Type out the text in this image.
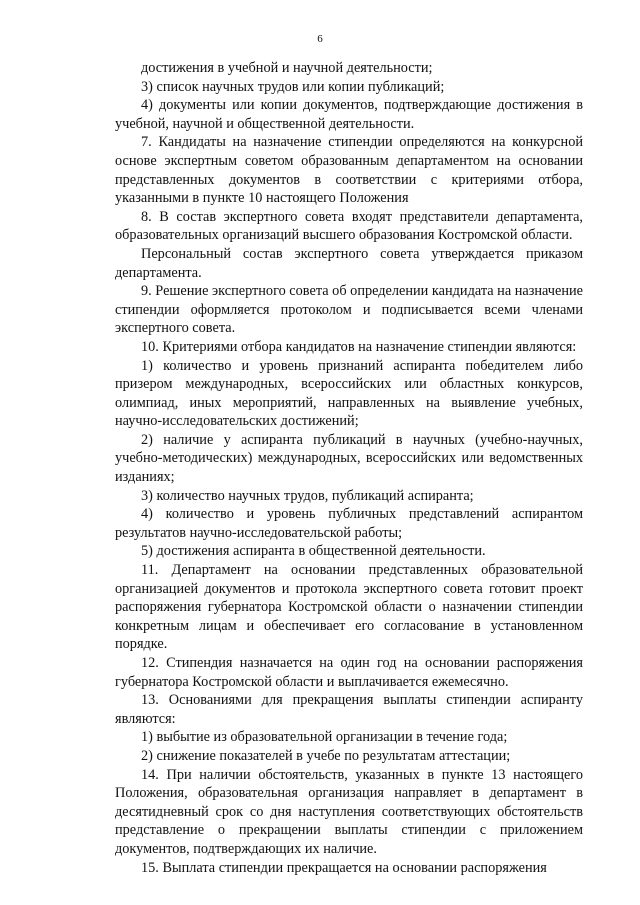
6

достижения в учебной и научной деятельности;

3) список научных трудов или копии публикаций;

4) документы или копии документов, подтверждающие достижения в учебной, научной и общественной деятельности.

7. Кандидаты на назначение стипендии определяются на конкурсной основе экспертным советом образованным департаментом на основании представленных документов в соответствии с критериями отбора, указанными в пункте 10 настоящего Положения

8. В состав экспертного совета входят представители департамента, образовательных организаций высшего образования Костромской области.

Персональный состав экспертного совета утверждается приказом департамента.

9. Решение экспертного совета об определении кандидата на назначение стипендии оформляется протоколом и подписывается всеми членами экспертного совета.

10. Критериями отбора кандидатов на назначение стипендии являются:

1) количество и уровень признаний аспиранта победителем либо призером международных, всероссийских или областных конкурсов, олимпиад, иных мероприятий, направленных на выявление учебных, научно-исследовательских достижений;

2) наличие у аспиранта публикаций в научных (учебно-научных, учебно-методических) международных, всероссийских или ведомственных изданиях;

3) количество научных трудов, публикаций аспиранта;

4) количество и уровень публичных представлений аспирантом результатов научно-исследовательской работы;

5) достижения аспиранта в общественной деятельности.

11. Департамент на основании представленных образовательной организацией документов и протокола экспертного совета готовит проект распоряжения губернатора Костромской области о назначении стипендии конкретным лицам и обеспечивает его согласование в установленном порядке.

12. Стипендия назначается на один год на основании распоряжения губернатора Костромской области и выплачивается ежемесячно.

13. Основаниями для прекращения выплаты стипендии аспиранту являются:

1) выбытие из образовательной организации в течение года;

2) снижение показателей в учебе по результатам аттестации;

14. При наличии обстоятельств, указанных в пункте 13 настоящего Положения, образовательная организация направляет в департамент в десятидневный срок со дня наступления соответствующих обстоятельств представление о прекращении выплаты стипендии с приложением документов, подтверждающих их наличие.

15. Выплата стипендии прекращается на основании распоряжения
